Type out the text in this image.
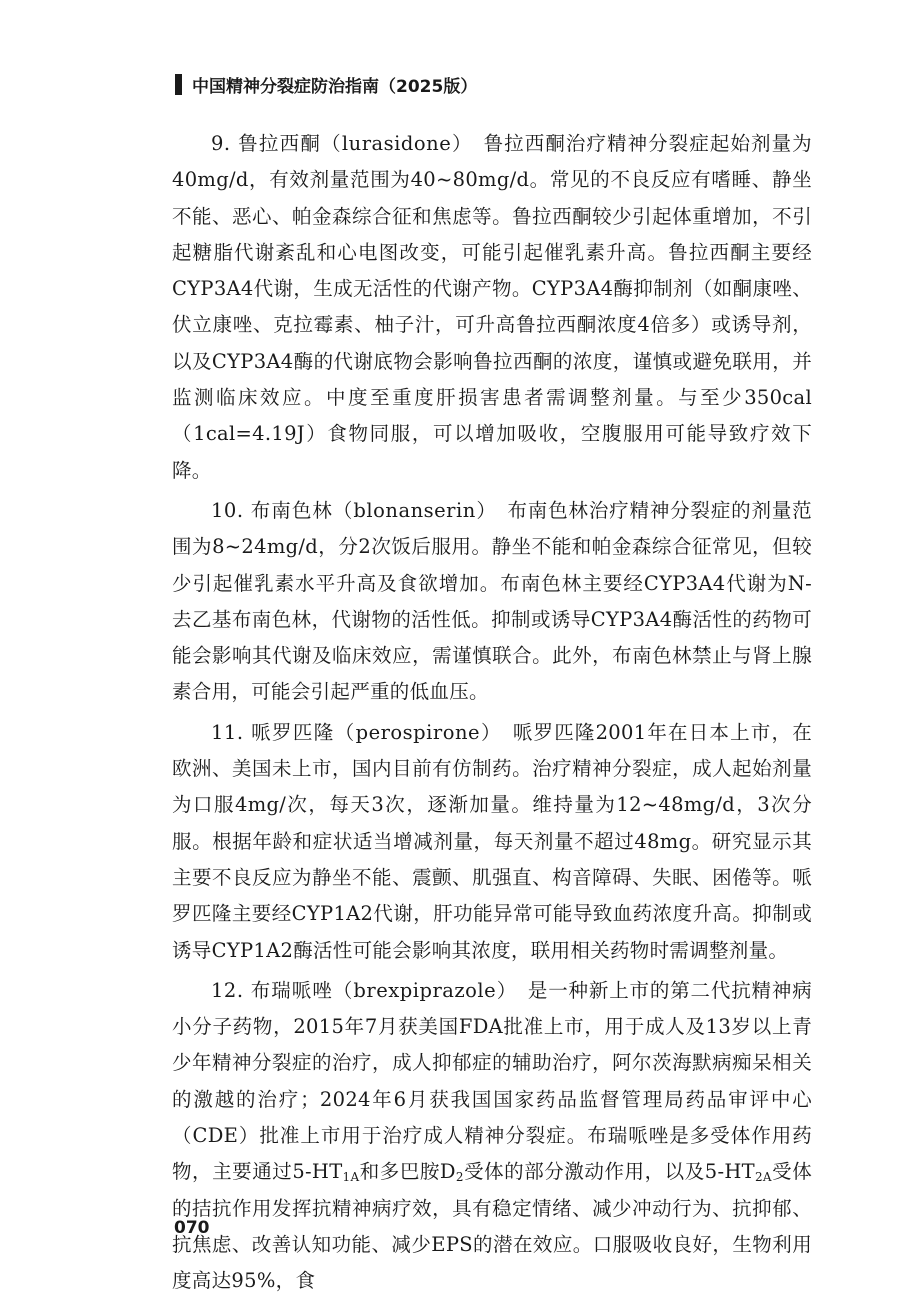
中国精神分裂症防治指南（2025版）

9. 鲁拉西酮（lurasidone）　 鲁拉西酮治疗精神分裂症起始剂量为40mg/d，有效剂量范围为40~80mg/d。常见的不良反应有嗜睡、静坐不能、恶心、帕金森综合征和焦虑等。鲁拉西酮较少引起体重增加，不引起糖脂代谢紊乱和心电图改变，可能引起催乳素升高。鲁拉西酮主要经CYP3A4代谢，生成无活性的代谢产物。CYP3A4酶抑制剂（如酮康唑、伏立康唑、克拉霉素、柚子汁，可升高鲁拉西酮浓度4倍多）或诱导剂，以及CYP3A4酶的代谢底物会影响鲁拉西酮的浓度，谨慎或避免联用，并监测临床效应。中度至重度肝损害患者需调整剂量。与至少350cal（1cal=4.19J）食物同服，可以增加吸收，空腹服用可能导致疗效下降。

10. 布南色林（blonanserin）　 布南色林治疗精神分裂症的剂量范围为8~24mg/d，分2次饭后服用。静坐不能和帕金森综合征常见，但较少引起催乳素水平升高及食欲增加。布南色林主要经CYP3A4代谢为N-去乙基布南色林，代谢物的活性低。抑制或诱导CYP3A4酶活性的药物可能会影响其代谢及临床效应，需谨慎联合。此外，布南色林禁止与肾上腺素合用，可能会引起严重的低血压。

11. 哌罗匹隆（perospirone）　 哌罗匹隆2001年在日本上市，在欧洲、美国未上市，国内目前有仿制药。治疗精神分裂症，成人起始剂量为口服4mg/次，每天3次，逐渐加量。维持量为12~48mg/d，3次分服。根据年龄和症状适当增减剂量，每天剂量不超过48mg。研究显示其主要不良反应为静坐不能、震颤、肌强直、构音障碍、失眠、困倦等。哌罗匹隆主要经CYP1A2代谢，肝功能异常可能导致血药浓度升高。抑制或诱导CYP1A2酶活性可能会影响其浓度，联用相关药物时需调整剂量。

12. 布瑞哌唑（brexpiprazole）　 是一种新上市的第二代抗精神病小分子药物，2015年7月获美国FDA批准上市，用于成人及13岁以上青少年精神分裂症的治疗，成人抑郁症的辅助治疗，阿尔茨海默病痴呆相关的激越的治疗；2024年6月获我国国家药品监督管理局药品审评中心（CDE）批准上市用于治疗成人精神分裂症。布瑞哌唑是多受体作用药物，主要通过$5-HT_{1A}$和多巴胺$D_2$受体的部分激动作用，以及$5-HT_{2A}$受体的拮抗作用发挥抗精神病疗效，具有稳定情绪、减少冲动行为、抗抑郁、抗焦虑、改善认知功能、减少EPS的潜在效应。口服吸收良好，生物利用度高达95%，食

070
